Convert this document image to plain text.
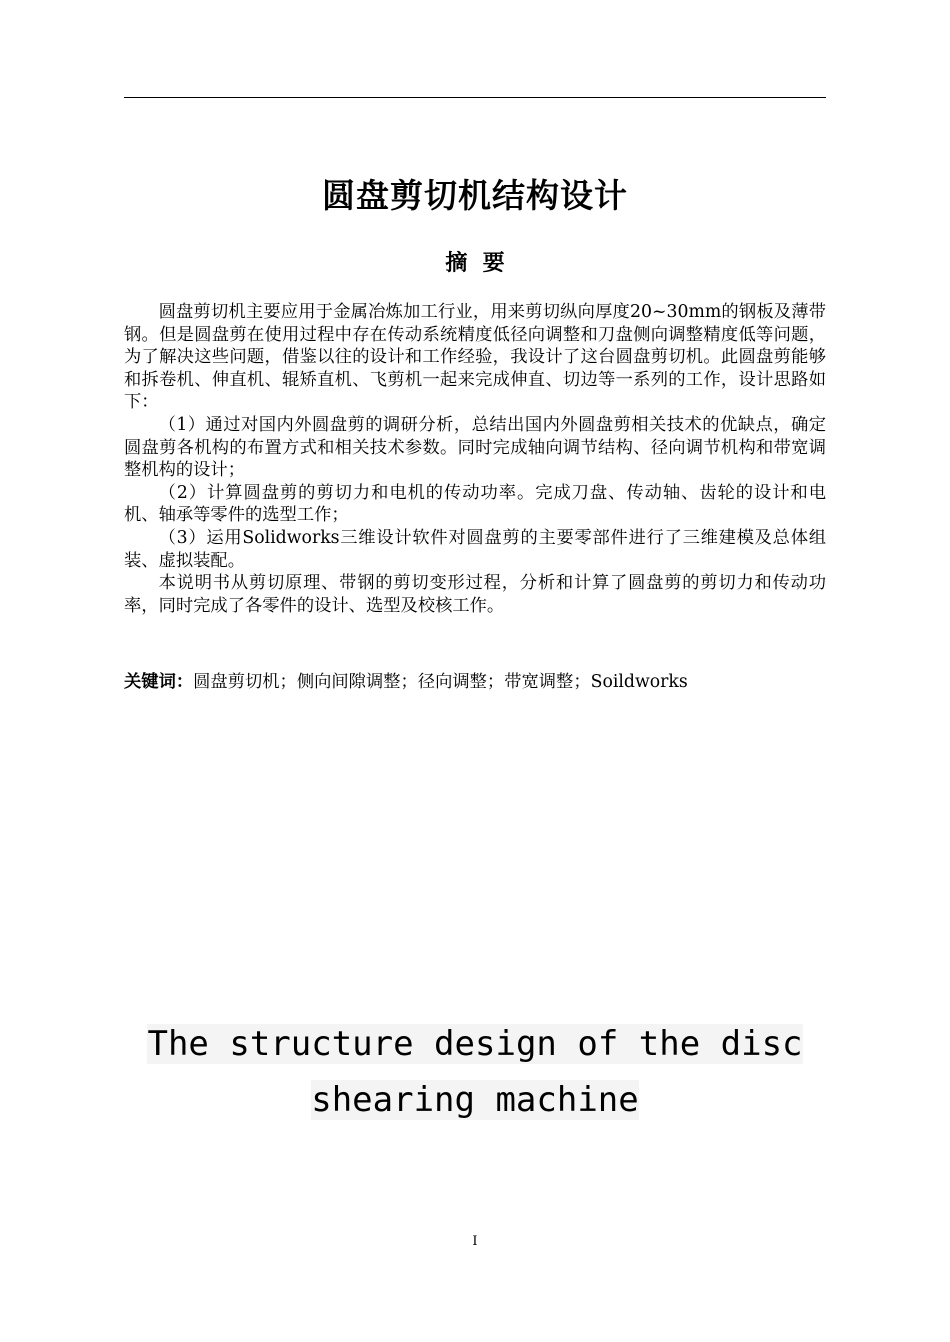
圆盘剪切机结构设计
摘  要

圆盘剪切机主要应用于金属冶炼加工行业，用来剪切纵向厚度20~30mm的钢板及薄带钢。但是圆盘剪在使用过程中存在传动系统精度低径向调整和刀盘侧向调整精度低等问题，为了解决这些问题，借鉴以往的设计和工作经验，我设计了这台圆盘剪切机。此圆盘剪能够和拆卷机、伸直机、辊矫直机、飞剪机一起来完成伸直、切边等一系列的工作，设计思路如下：

（1）通过对国内外圆盘剪的调研分析，总结出国内外圆盘剪相关技术的优缺点，确定圆盘剪各机构的布置方式和相关技术参数。同时完成轴向调节结构、径向调节机构和带宽调整机构的设计；

（2）计算圆盘剪的剪切力和电机的传动功率。完成刀盘、传动轴、齿轮的设计和电机、轴承等零件的选型工作；

（3）运用Solidworks三维设计软件对圆盘剪的主要零部件进行了三维建模及总体组装、虚拟装配。

本说明书从剪切原理、带钢的剪切变形过程，分析和计算了圆盘剪的剪切力和传动功率，同时完成了各零件的设计、选型及校核工作。

关键词：圆盘剪切机；侧向间隙调整；径向调整；带宽调整；Soildworks
The structure design of the disc
shearing machine
I
